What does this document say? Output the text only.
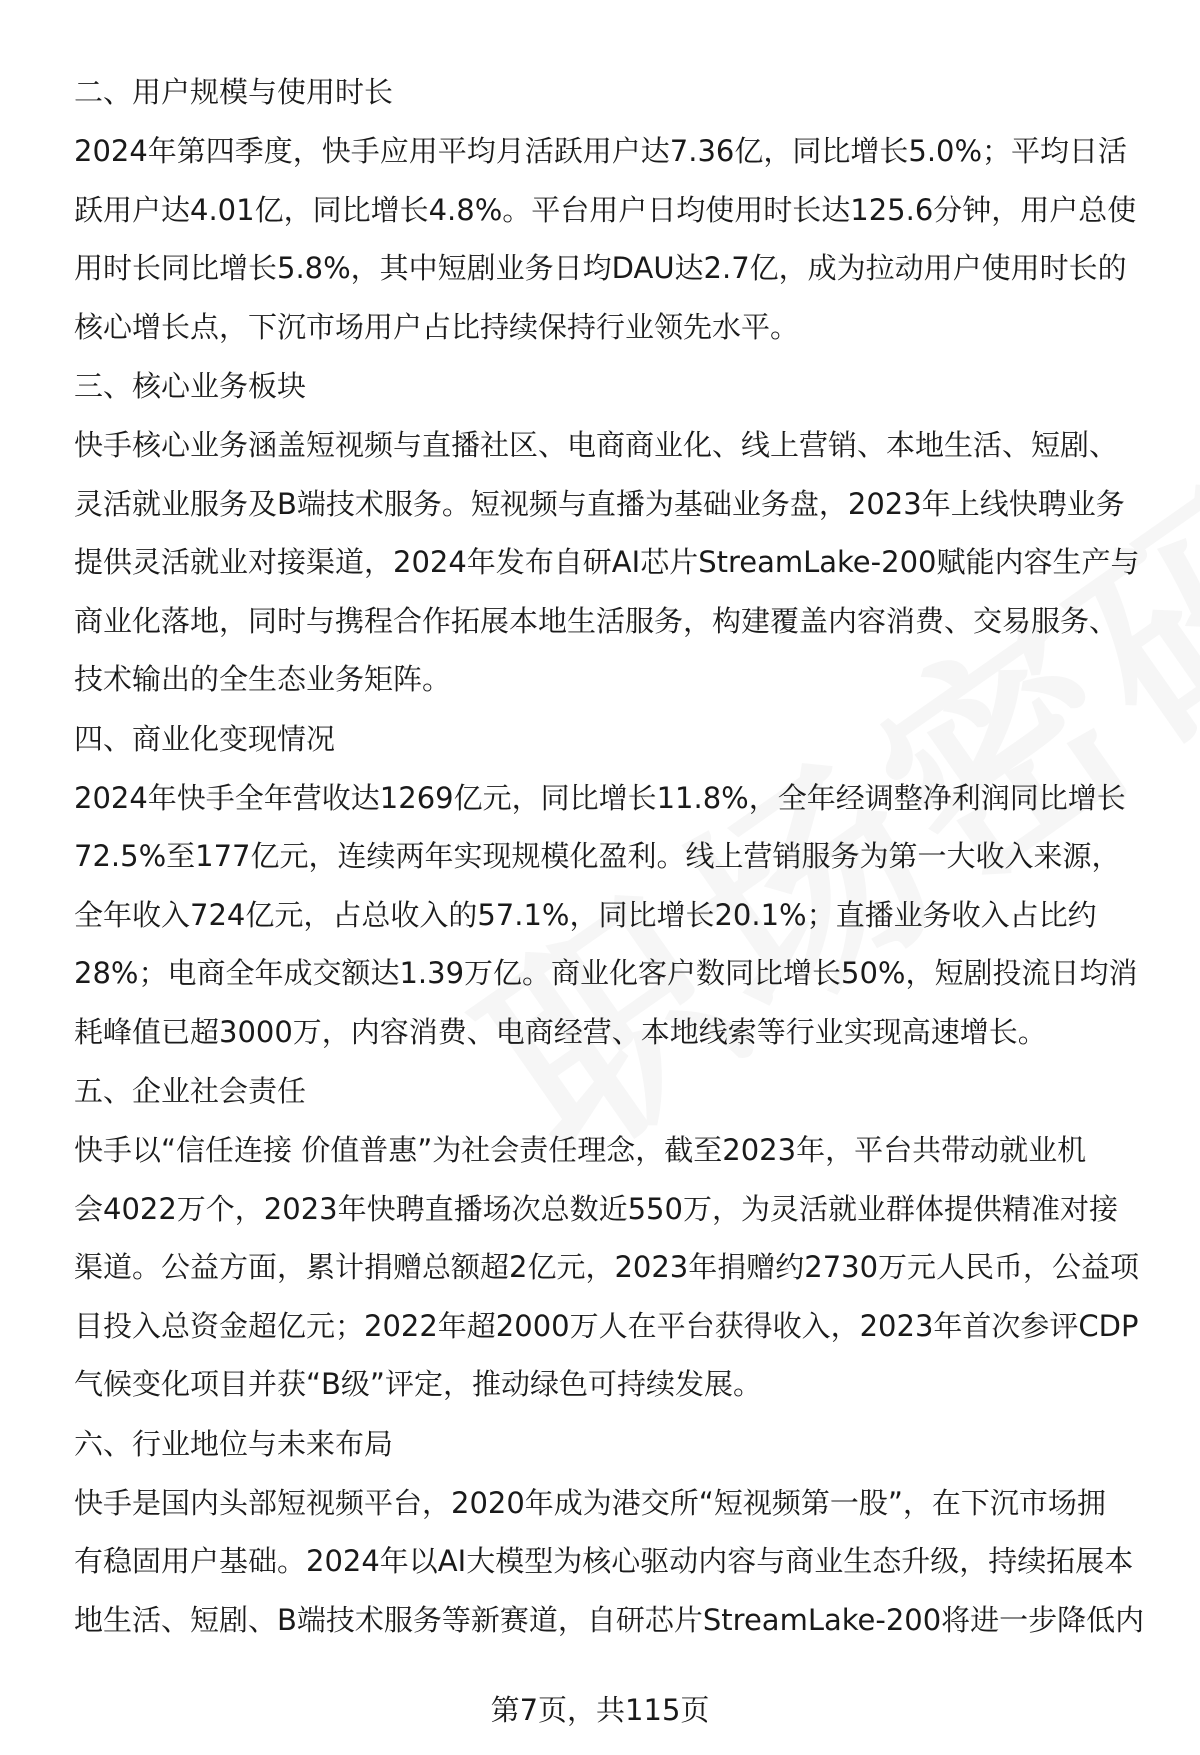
二、用户规模与使用时长

2024年第四季度，快手应用平均月活跃用户达7.36亿，同比增长5.0%；平均日活
跃用户达4.01亿，同比增长4.8%。平台用户日均使用时长达125.6分钟，用户总使
用时长同比增长5.8%，其中短剧业务日均DAU达2.7亿，成为拉动用户使用时长的
核心增长点，下沉市场用户占比持续保持行业领先水平。

三、核心业务板块

快手核心业务涵盖短视频与直播社区、电商商业化、线上营销、本地生活、短剧、
灵活就业服务及B端技术服务。短视频与直播为基础业务盘，2023年上线快聘业务
提供灵活就业对接渠道，2024年发布自研AI芯片StreamLake-200赋能内容生产与
商业化落地，同时与携程合作拓展本地生活服务，构建覆盖内容消费、交易服务、
技术输出的全生态业务矩阵。

四、商业化变现情况

2024年快手全年营收达1269亿元，同比增长11.8%，全年经调整净利润同比增长
72.5%至177亿元，连续两年实现规模化盈利。线上营销服务为第一大收入来源，
全年收入724亿元，占总收入的57.1%，同比增长20.1%；直播业务收入占比约
28%；电商全年成交额达1.39万亿。商业化客户数同比增长50%，短剧投流日均消
耗峰值已超3000万，内容消费、电商经营、本地线索等行业实现高速增长。

五、企业社会责任

快手以“信任连接 价值普惠”为社会责任理念，截至2023年，平台共带动就业机
会4022万个，2023年快聘直播场次总数近550万，为灵活就业群体提供精准对接
渠道。公益方面，累计捐赠总额超2亿元，2023年捐赠约2730万元人民币，公益项
目投入总资金超亿元；2022年超2000万人在平台获得收入，2023年首次参评CDP
气候变化项目并获“B级”评定，推动绿色可持续发展。

六、行业地位与未来布局

快手是国内头部短视频平台，2020年成为港交所“短视频第一股”，在下沉市场拥
有稳固用户基础。2024年以AI大模型为核心驱动内容与商业生态升级，持续拓展本
地生活、短剧、B端技术服务等新赛道，自研芯片StreamLake-200将进一步降低内

第7页，共115页
